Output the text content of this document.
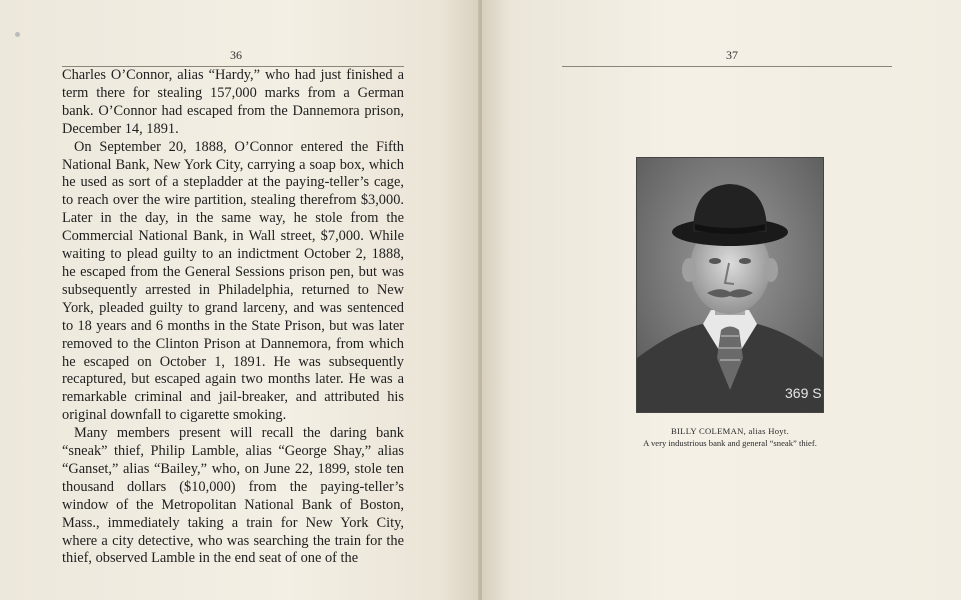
36

Charles O’Connor, alias “Hardy,” who had just finished a term there for stealing 157,000 marks from a German bank. O’Connor had escaped from the Dannemora prison, December 14, 1891.

On September 20, 1888, O’Connor entered the Fifth National Bank, New York City, carrying a soap box, which he used as sort of a stepladder at the paying-teller’s cage, to reach over the wire partition, stealing therefrom $3,000. Later in the day, in the same way, he stole from the Commercial National Bank, in Wall street, $7,000. While waiting to plead guilty to an indictment October 2, 1888, he escaped from the General Sessions prison pen, but was subsequently arrested in Philadelphia, returned to New York, pleaded guilty to grand larceny, and was sentenced to 18 years and 6 months in the State Prison, but was later removed to the Clinton Prison at Dannemora, from which he escaped on October 1, 1891. He was subsequently recaptured, but escaped again two months later. He was a remarkable criminal and jail-breaker, and attributed his original downfall to cigarette smoking.

Many members present will recall the daring bank “sneak” thief, Philip Lamble, alias “George Shay,” alias “Ganset,” alias “Bailey,” who, on June 22, 1899, stole ten thousand dollars ($10,000) from the paying-teller’s window of the Metropolitan National Bank of Boston, Mass., immediately taking a train for New York City, where a city detective, who was searching the train for the thief, observed Lamble in the end seat of one of the

37
369 S
BILLY COLEMAN, alias Hoyt.
A very industrious bank and general “sneak” thief.
